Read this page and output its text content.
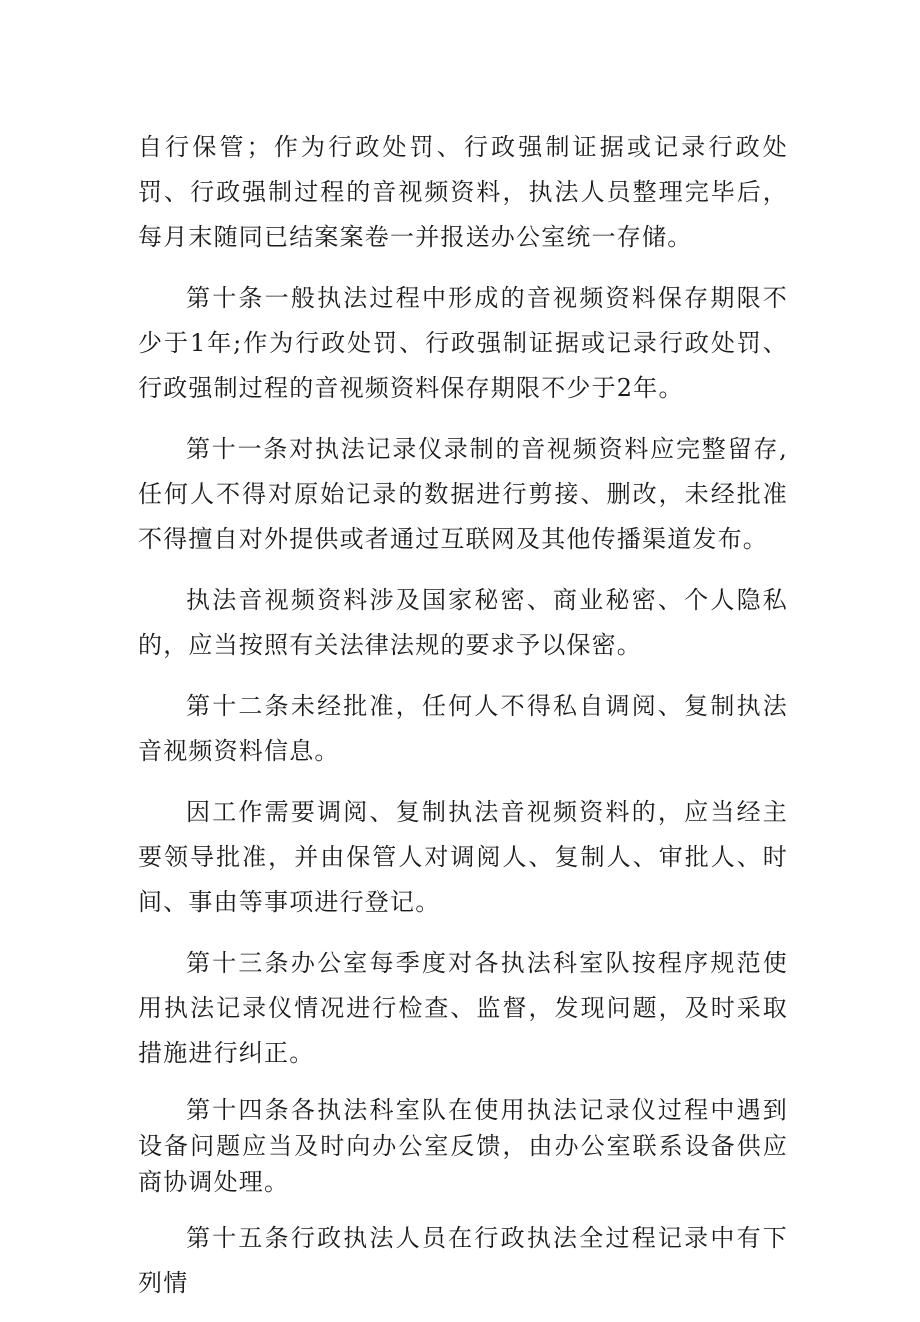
自行保管；作为行政处罚、行政强制证据或记录行政处罚、行政强制过程的音视频资料，执法人员整理完毕后，每月末随同已结案案卷一并报送办公室统一存储。

第十条一般执法过程中形成的音视频资料保存期限不少于1年;作为行政处罚、行政强制证据或记录行政处罚、行政强制过程的音视频资料保存期限不少于2年。

第十一条对执法记录仪录制的音视频资料应完整留存,任何人不得对原始记录的数据进行剪接、删改，未经批准不得擅自对外提供或者通过互联网及其他传播渠道发布。

执法音视频资料涉及国家秘密、商业秘密、个人隐私的，应当按照有关法律法规的要求予以保密。

第十二条未经批准，任何人不得私自调阅、复制执法音视频资料信息。

因工作需要调阅、复制执法音视频资料的，应当经主要领导批准，并由保管人对调阅人、复制人、审批人、时间、事由等事项进行登记。

第十三条办公室每季度对各执法科室队按程序规范使用执法记录仪情况进行检查、监督，发现问题，及时采取措施进行纠正。

第十四条各执法科室队在使用执法记录仪过程中遇到设备问题应当及时向办公室反馈，由办公室联系设备供应商协调处理。

第十五条行政执法人员在行政执法全过程记录中有下列情
